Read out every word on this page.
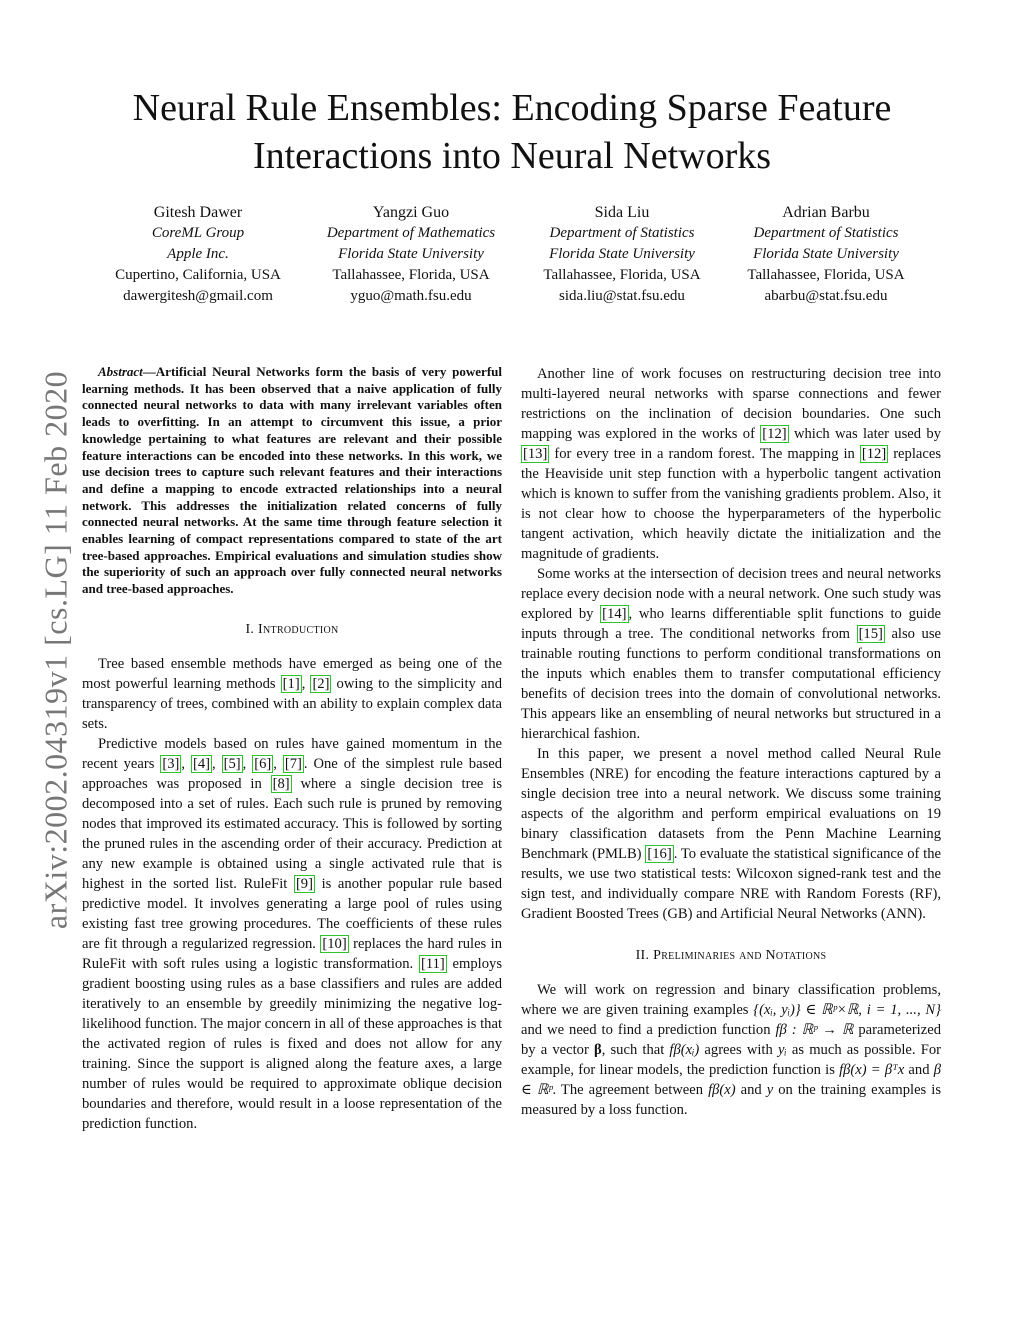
Neural Rule Ensembles: Encoding Sparse Feature Interactions into Neural Networks
Gitesh Dawer
CoreML Group
Apple Inc.
Cupertino, California, USA
dawergitesh@gmail.com
Yangzi Guo
Department of Mathematics
Florida State University
Tallahassee, Florida, USA
yguo@math.fsu.edu
Sida Liu
Department of Statistics
Florida State University
Tallahassee, Florida, USA
sida.liu@stat.fsu.edu
Adrian Barbu
Department of Statistics
Florida State University
Tallahassee, Florida, USA
abarbu@stat.fsu.edu
arXiv:2002.04319v1 [cs.LG] 11 Feb 2020	Abstract—Artificial Neural Networks form the basis of very powerful learning methods. It has been observed that a naive application of fully connected neural networks to data with many irrelevant variables often leads to overfitting. In an attempt to circumvent this issue, a prior knowledge pertaining to what features are relevant and their possible feature interactions can be encoded into these networks. In this work, we use decision trees to capture such relevant features and their interactions and define a mapping to encode extracted relationships into a neural network. This addresses the initialization related concerns of fully connected neural networks. At the same time through feature selection it enables learning of compact representations compared to state of the art tree-based approaches. Empirical evaluations and simulation studies show the superiority of such an approach over fully connected neural networks and tree-based approaches.

I. Introduction

Tree based ensemble methods have emerged as being one of the most powerful learning methods [1] , [2] owing to the simplicity and transparency of trees, combined with an ability to explain complex data sets.

Predictive models based on rules have gained momentum in the recent years [3] , [4] , [5] , [6] , [7] . One of the simplest rule based approaches was proposed in [8] where a single decision tree is decomposed into a set of rules. Each such rule is pruned by removing nodes that improved its estimated accuracy. This is followed by sorting the pruned rules in the ascending order of their accuracy. Prediction at any new example is obtained using a single activated rule that is highest in the sorted list. RuleFit [9] is another popular rule based predictive model. It involves generating a large pool of rules using existing fast tree growing procedures. The coefficients of these rules are fit through a regularized regression. [10] replaces the hard rules in RuleFit with soft rules using a logistic transformation. [11] employs gradient boosting using rules as a base classifiers and rules are added iteratively to an ensemble by greedily minimizing the negative log-likelihood function. The major concern in all of these approaches is that the activated region of rules is fixed and does not allow for any training. Since the support is aligned along the feature axes, a large number of rules would be required to approximate oblique decision boundaries and therefore, would result in a loose representation of the prediction function.

Another line of work focuses on restructuring decision tree into multi-layered neural networks with sparse connections and fewer restrictions on the inclination of decision boundaries. One such mapping was explored in the works of [12] which was later used by [13] for every tree in a random forest. The mapping in [12] replaces the Heaviside unit step function with a hyperbolic tangent activation which is known to suffer from the vanishing gradients problem. Also, it is not clear how to choose the hyperparameters of the hyperbolic tangent activation, which heavily dictate the initialization and the magnitude of gradients.

Some works at the intersection of decision trees and neural networks replace every decision node with a neural network. One such study was explored by [14] , who learns differentiable split functions to guide inputs through a tree. The conditional networks from [15] also use trainable routing functions to perform conditional transformations on the inputs which enables them to transfer computational efficiency benefits of decision trees into the domain of convolutional networks. This appears like an ensembling of neural networks but structured in a hierarchical fashion.

In this paper, we present a novel method called Neural Rule Ensembles (NRE) for encoding the feature interactions captured by a single decision tree into a neural network. We discuss some training aspects of the algorithm and perform empirical evaluations on 19 binary classification datasets from the Penn Machine Learning Benchmark (PMLB) [16] . To evaluate the statistical significance of the results, we use two statistical tests: Wilcoxon signed-rank test and the sign test, and individually compare NRE with Random Forests (RF), Gradient Boosted Trees (GB) and Artificial Neural Networks (ANN).

II. Preliminaries and Notations

We will work on regression and binary classification problems, where we are given training examples {(xᵢ, yᵢ)} ∈ ℝᵖ×ℝ, i = 1, ..., N} and we need to find a prediction function fβ : ℝᵖ → ℝ parameterized by a vector β, such that fβ(xᵢ) agrees with yᵢ as much as possible. For example, for linear models, the prediction function is fβ(x) = βᵀx and β ∈ ℝᵖ. The agreement between fβ(x) and y on the training examples is measured by a loss function.
